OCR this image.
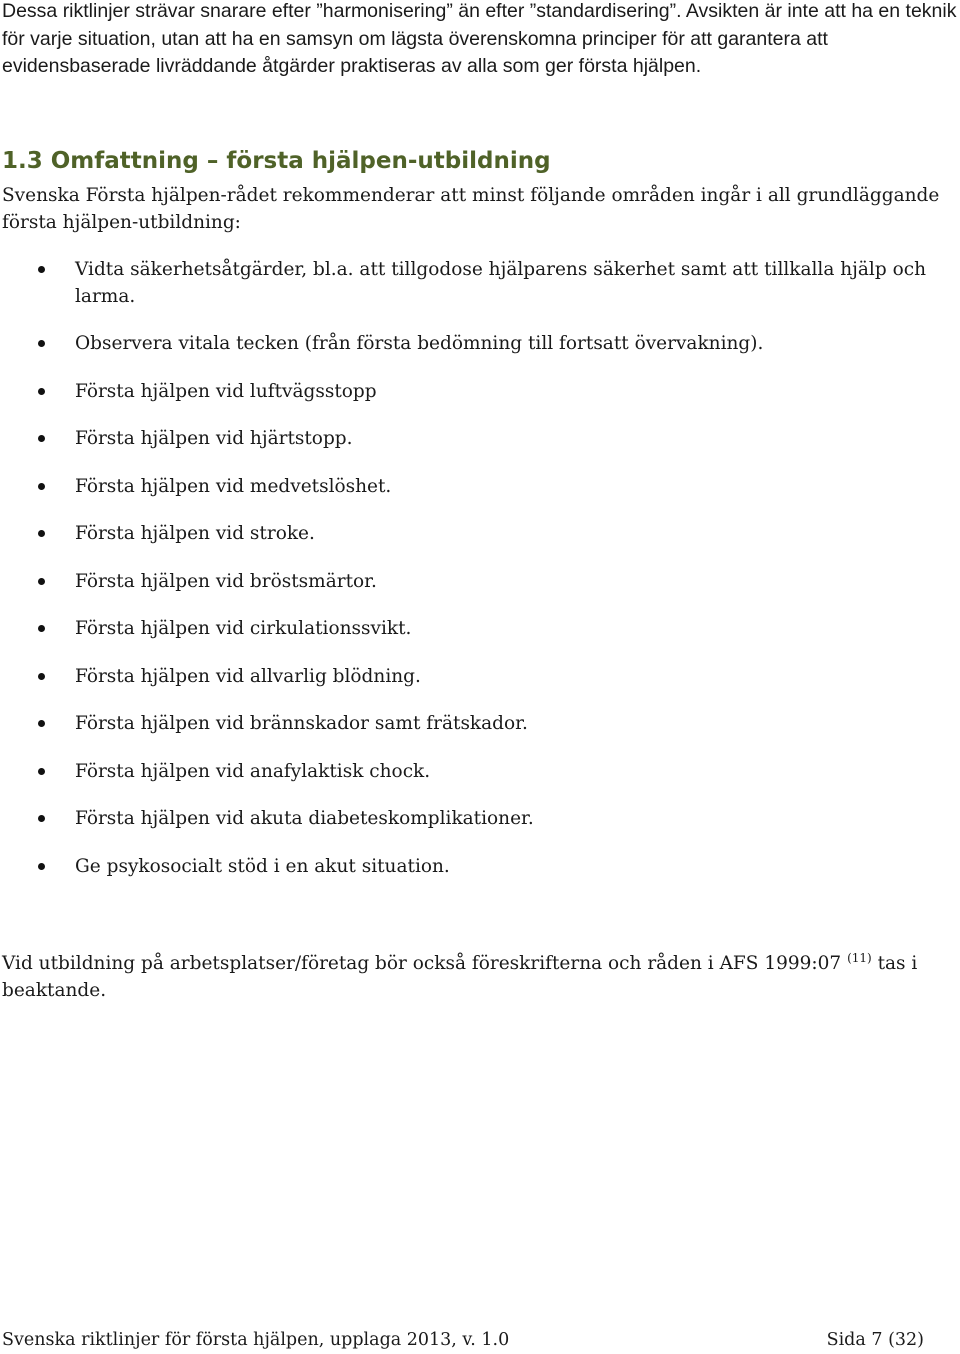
Dessa riktlinjer strävar snarare efter ”harmonisering” än efter ”standardisering”. Avsikten är inte att ha en teknik för varje situation, utan att ha en samsyn om lägsta överenskomna principer för att garantera att evidensbaserade livräddande åtgärder praktiseras av alla som ger första hjälpen.

1.3 Omfattning – första hjälpen-utbildning

Svenska Första hjälpen-rådet rekommenderar att minst följande områden ingår i all grundläggande första hjälpen-utbildning:

Vidta säkerhetsåtgärder, bl.a. att tillgodose hjälparens säkerhet samt att tillkalla hjälp och larma.
Observera vitala tecken (från första bedömning till fortsatt övervakning).
Första hjälpen vid luftvägsstopp
Första hjälpen vid hjärtstopp.
Första hjälpen vid medvetslöshet.
Första hjälpen vid stroke.
Första hjälpen vid bröstsmärtor.
Första hjälpen vid cirkulationssvikt.
Första hjälpen vid allvarlig blödning.
Första hjälpen vid brännskador samt frätskador.
Första hjälpen vid anafylaktisk chock.
Första hjälpen vid akuta diabeteskomplikationer.
Ge psykosocialt stöd i en akut situation.

Vid utbildning på arbetsplatser/företag bör också föreskrifterna och råden i AFS 1999:07 $^{(11)}$ tas i beaktande.

Svenska riktlinjer för första hjälpen, upplaga 2013, v. 1.0	Sida 7 (32)
